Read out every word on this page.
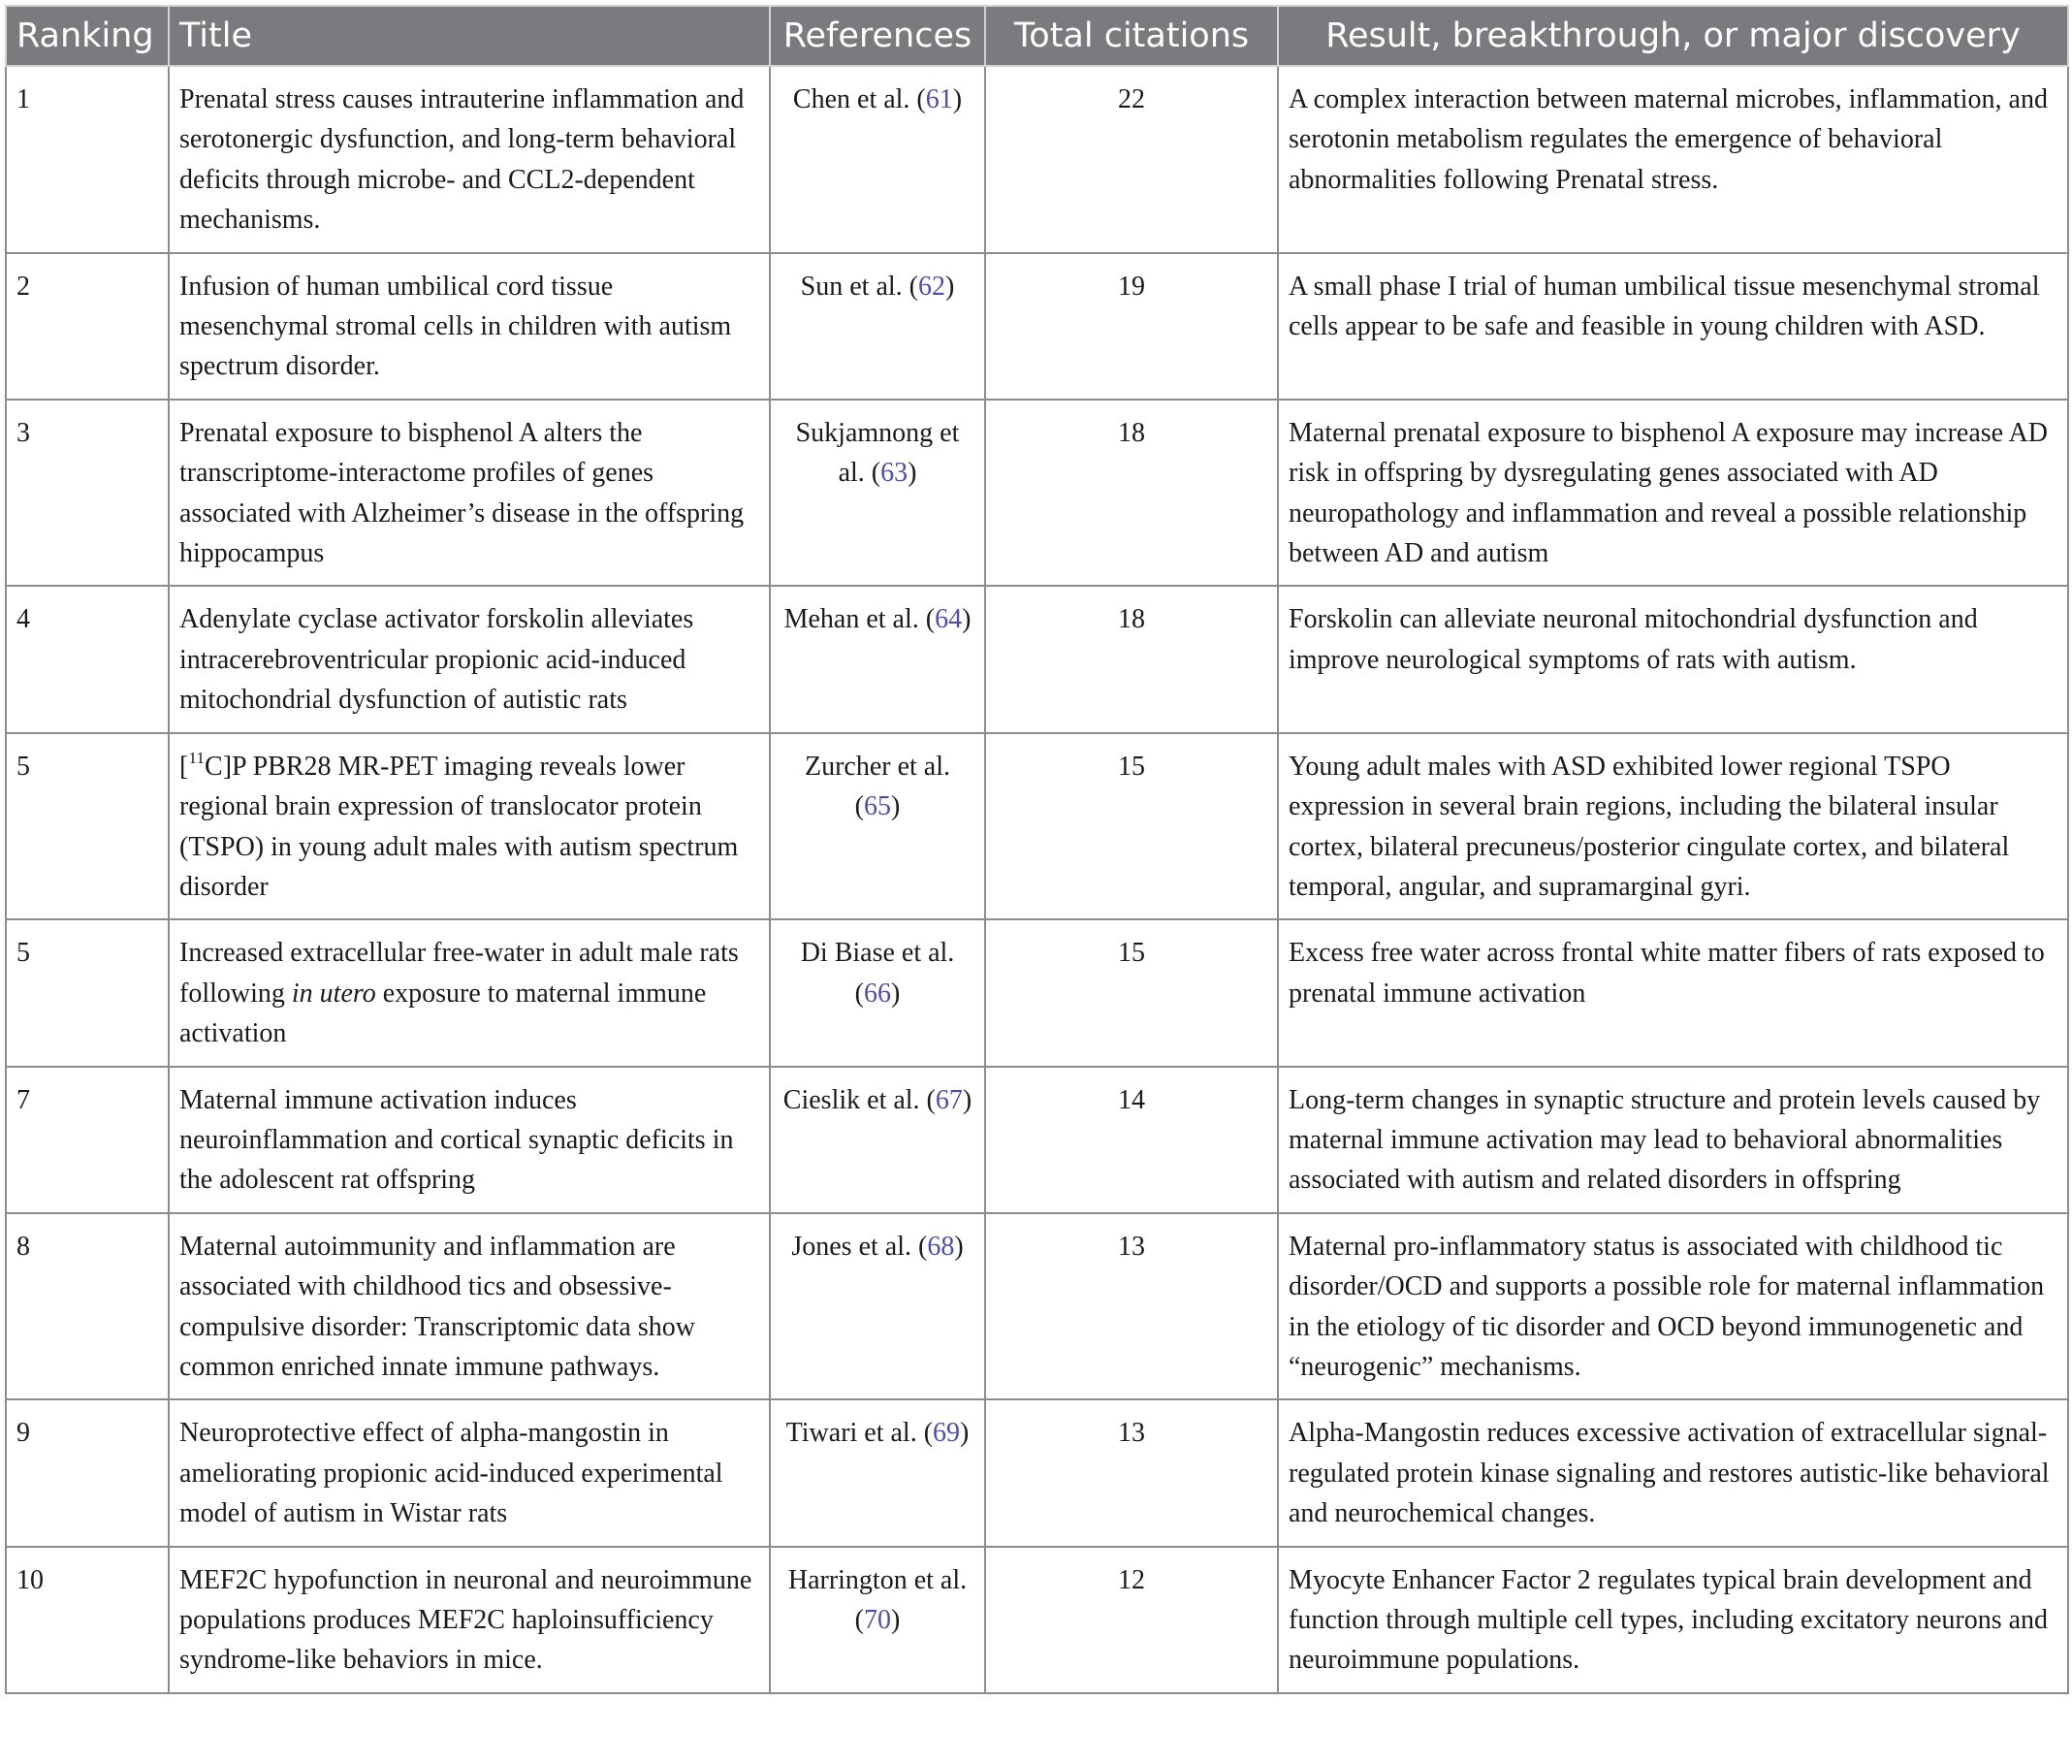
Ranking	Title	References	Total citations	Result, breakthrough, or major discovery
1	Prenatal stress causes intrauterine inflammation and serotonergic dysfunction, and long-term behavioral deficits through microbe- and CCL2-dependent mechanisms.	Chen et al. (61)	22	A complex interaction between maternal microbes, inflammation, and serotonin metabolism regulates the emergence of behavioral abnormalities following Prenatal stress.
2	Infusion of human umbilical cord tissue mesenchymal stromal cells in children with autism spectrum disorder.	Sun et al. (62)	19	A small phase I trial of human umbilical tissue mesenchymal stromal cells appear to be safe and feasible in young children with ASD.
3	Prenatal exposure to bisphenol A alters the transcriptome-interactome profiles of genes associated with Alzheimer’s disease in the offspring hippocampus	Sukjamnong et al. (63)	18	Maternal prenatal exposure to bisphenol A exposure may increase AD risk in offspring by dysregulating genes associated with AD neuropathology and inflammation and reveal a possible relationship between AD and autism
4	Adenylate cyclase activator forskolin alleviates intracerebroventricular propionic acid-induced mitochondrial dysfunction of autistic rats	Mehan et al. (64)	18	Forskolin can alleviate neuronal mitochondrial dysfunction and improve neurological symptoms of rats with autism.
5	[$^{11}$C]P PBR28 MR-PET imaging reveals lower regional brain expression of translocator protein (TSPO) in young adult males with autism spectrum disorder	Zurcher et al. (65)	15	Young adult males with ASD exhibited lower regional TSPO expression in several brain regions, including the bilateral insular cortex, bilateral precuneus/posterior cingulate cortex, and bilateral temporal, angular, and supramarginal gyri.
5	Increased extracellular free-water in adult male rats following in utero exposure to maternal immune activation	Di Biase et al. (66)	15	Excess free water across frontal white matter fibers of rats exposed to prenatal immune activation
7	Maternal immune activation induces neuroinflammation and cortical synaptic deficits in the adolescent rat offspring	Cieslik et al. (67)	14	Long-term changes in synaptic structure and protein levels caused by maternal immune activation may lead to behavioral abnormalities associated with autism and related disorders in offspring
8	Maternal autoimmunity and inflammation are associated with childhood tics and obsessive-compulsive disorder: Transcriptomic data show common enriched innate immune pathways.	Jones et al. (68)	13	Maternal pro-inflammatory status is associated with childhood tic disorder/OCD and supports a possible role for maternal inflammation in the etiology of tic disorder and OCD beyond immunogenetic and “neurogenic” mechanisms.
9	Neuroprotective effect of alpha-mangostin in ameliorating propionic acid-induced experimental model of autism in Wistar rats	Tiwari et al. (69)	13	Alpha-Mangostin reduces excessive activation of extracellular signal-regulated protein kinase signaling and restores autistic-like behavioral and neurochemical changes.
10	MEF2C hypofunction in neuronal and neuroimmune populations produces MEF2C haploinsufficiency syndrome-like behaviors in mice.	Harrington et al. (70)	12	Myocyte Enhancer Factor 2 regulates typical brain development and function through multiple cell types, including excitatory neurons and neuroimmune populations.
